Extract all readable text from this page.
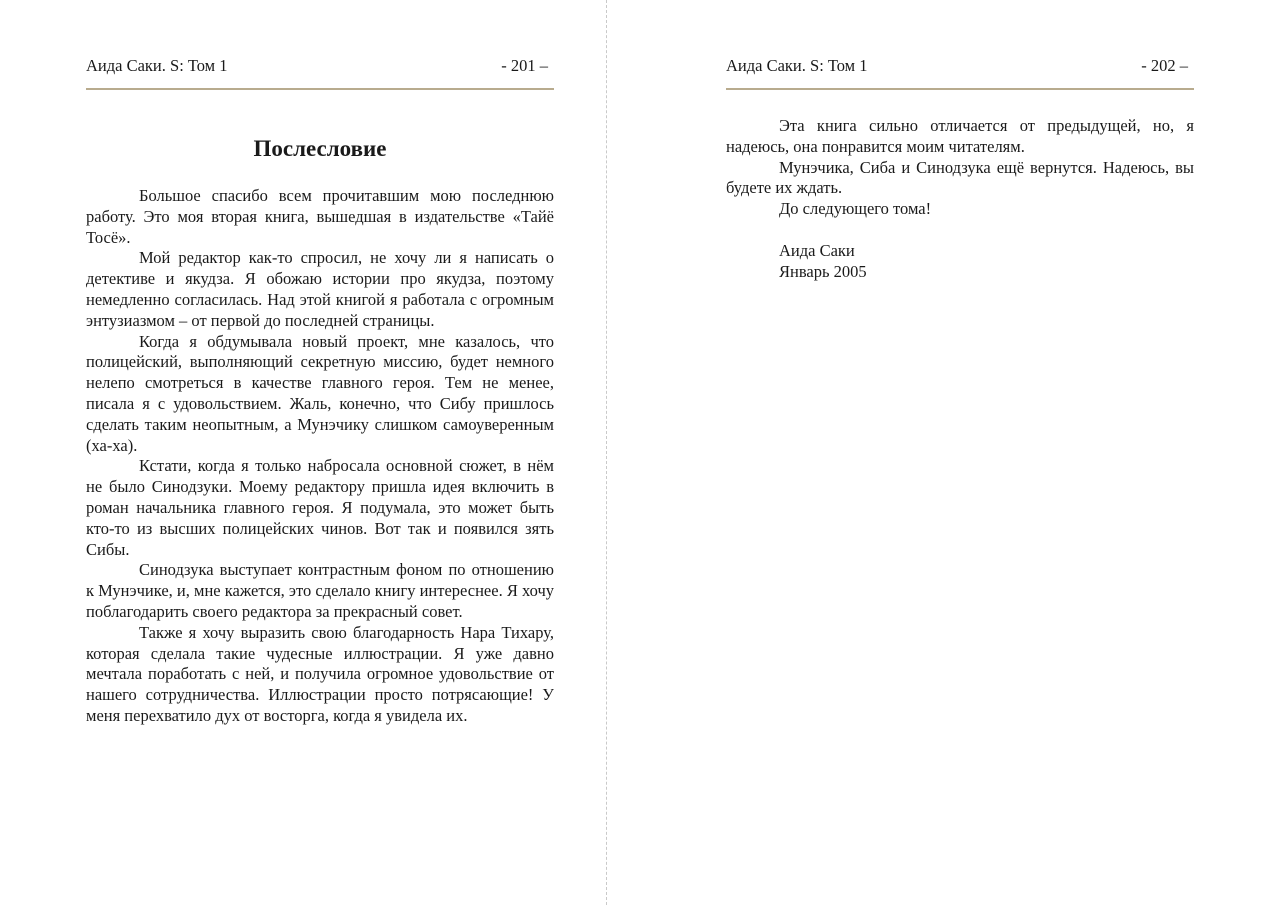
Аида Саки. S: Том 1	- 201 –
Послесловие

Большое спасибо всем прочитавшим мою последнюю работу. Это моя вторая книга, вышедшая в издательстве «Тайё Тосё».

Мой редактор как-то спросил, не хочу ли я написать о детективе и якудза. Я обожаю истории про якудза, поэтому немедленно согласилась. Над этой книгой я работала с огромным энтузиазмом – от первой до последней страницы.

Когда я обдумывала новый проект, мне казалось, что полицейский, выполняющий секретную миссию, будет немного нелепо смотреться в качестве главного героя. Тем не менее, писала я с удовольствием. Жаль, конечно, что Сибу пришлось сделать таким неопытным, а Мунэчику слишком самоуверенным (ха-ха).

Кстати, когда я только набросала основной сюжет, в нём не было Синодзуки. Моему редактору пришла идея включить в роман начальника главного героя. Я подумала, это может быть кто-то из высших полицейских чинов. Вот так и появился зять Сибы.

Синодзука выступает контрастным фоном по отношению к Мунэчике, и, мне кажется, это сделало книгу интереснее. Я хочу поблагодарить своего редактора за прекрасный совет.

Также я хочу выразить свою благодарность Нара Тихару, которая сделала такие чудесные иллюстрации. Я уже давно мечтала поработать с ней, и получила огромное удовольствие от нашего сотрудничества. Иллюстрации просто потрясающие! У меня перехватило дух от восторга, когда я увидела их.

Аида Саки. S: Том 1	- 202 –

Эта книга сильно отличается от предыдущей, но, я надеюсь, она понравится моим читателям.

Мунэчика, Сиба и Синодзука ещё вернутся. Надеюсь, вы будете их ждать.

До следующего тома!

Аида Саки
Январь 2005
